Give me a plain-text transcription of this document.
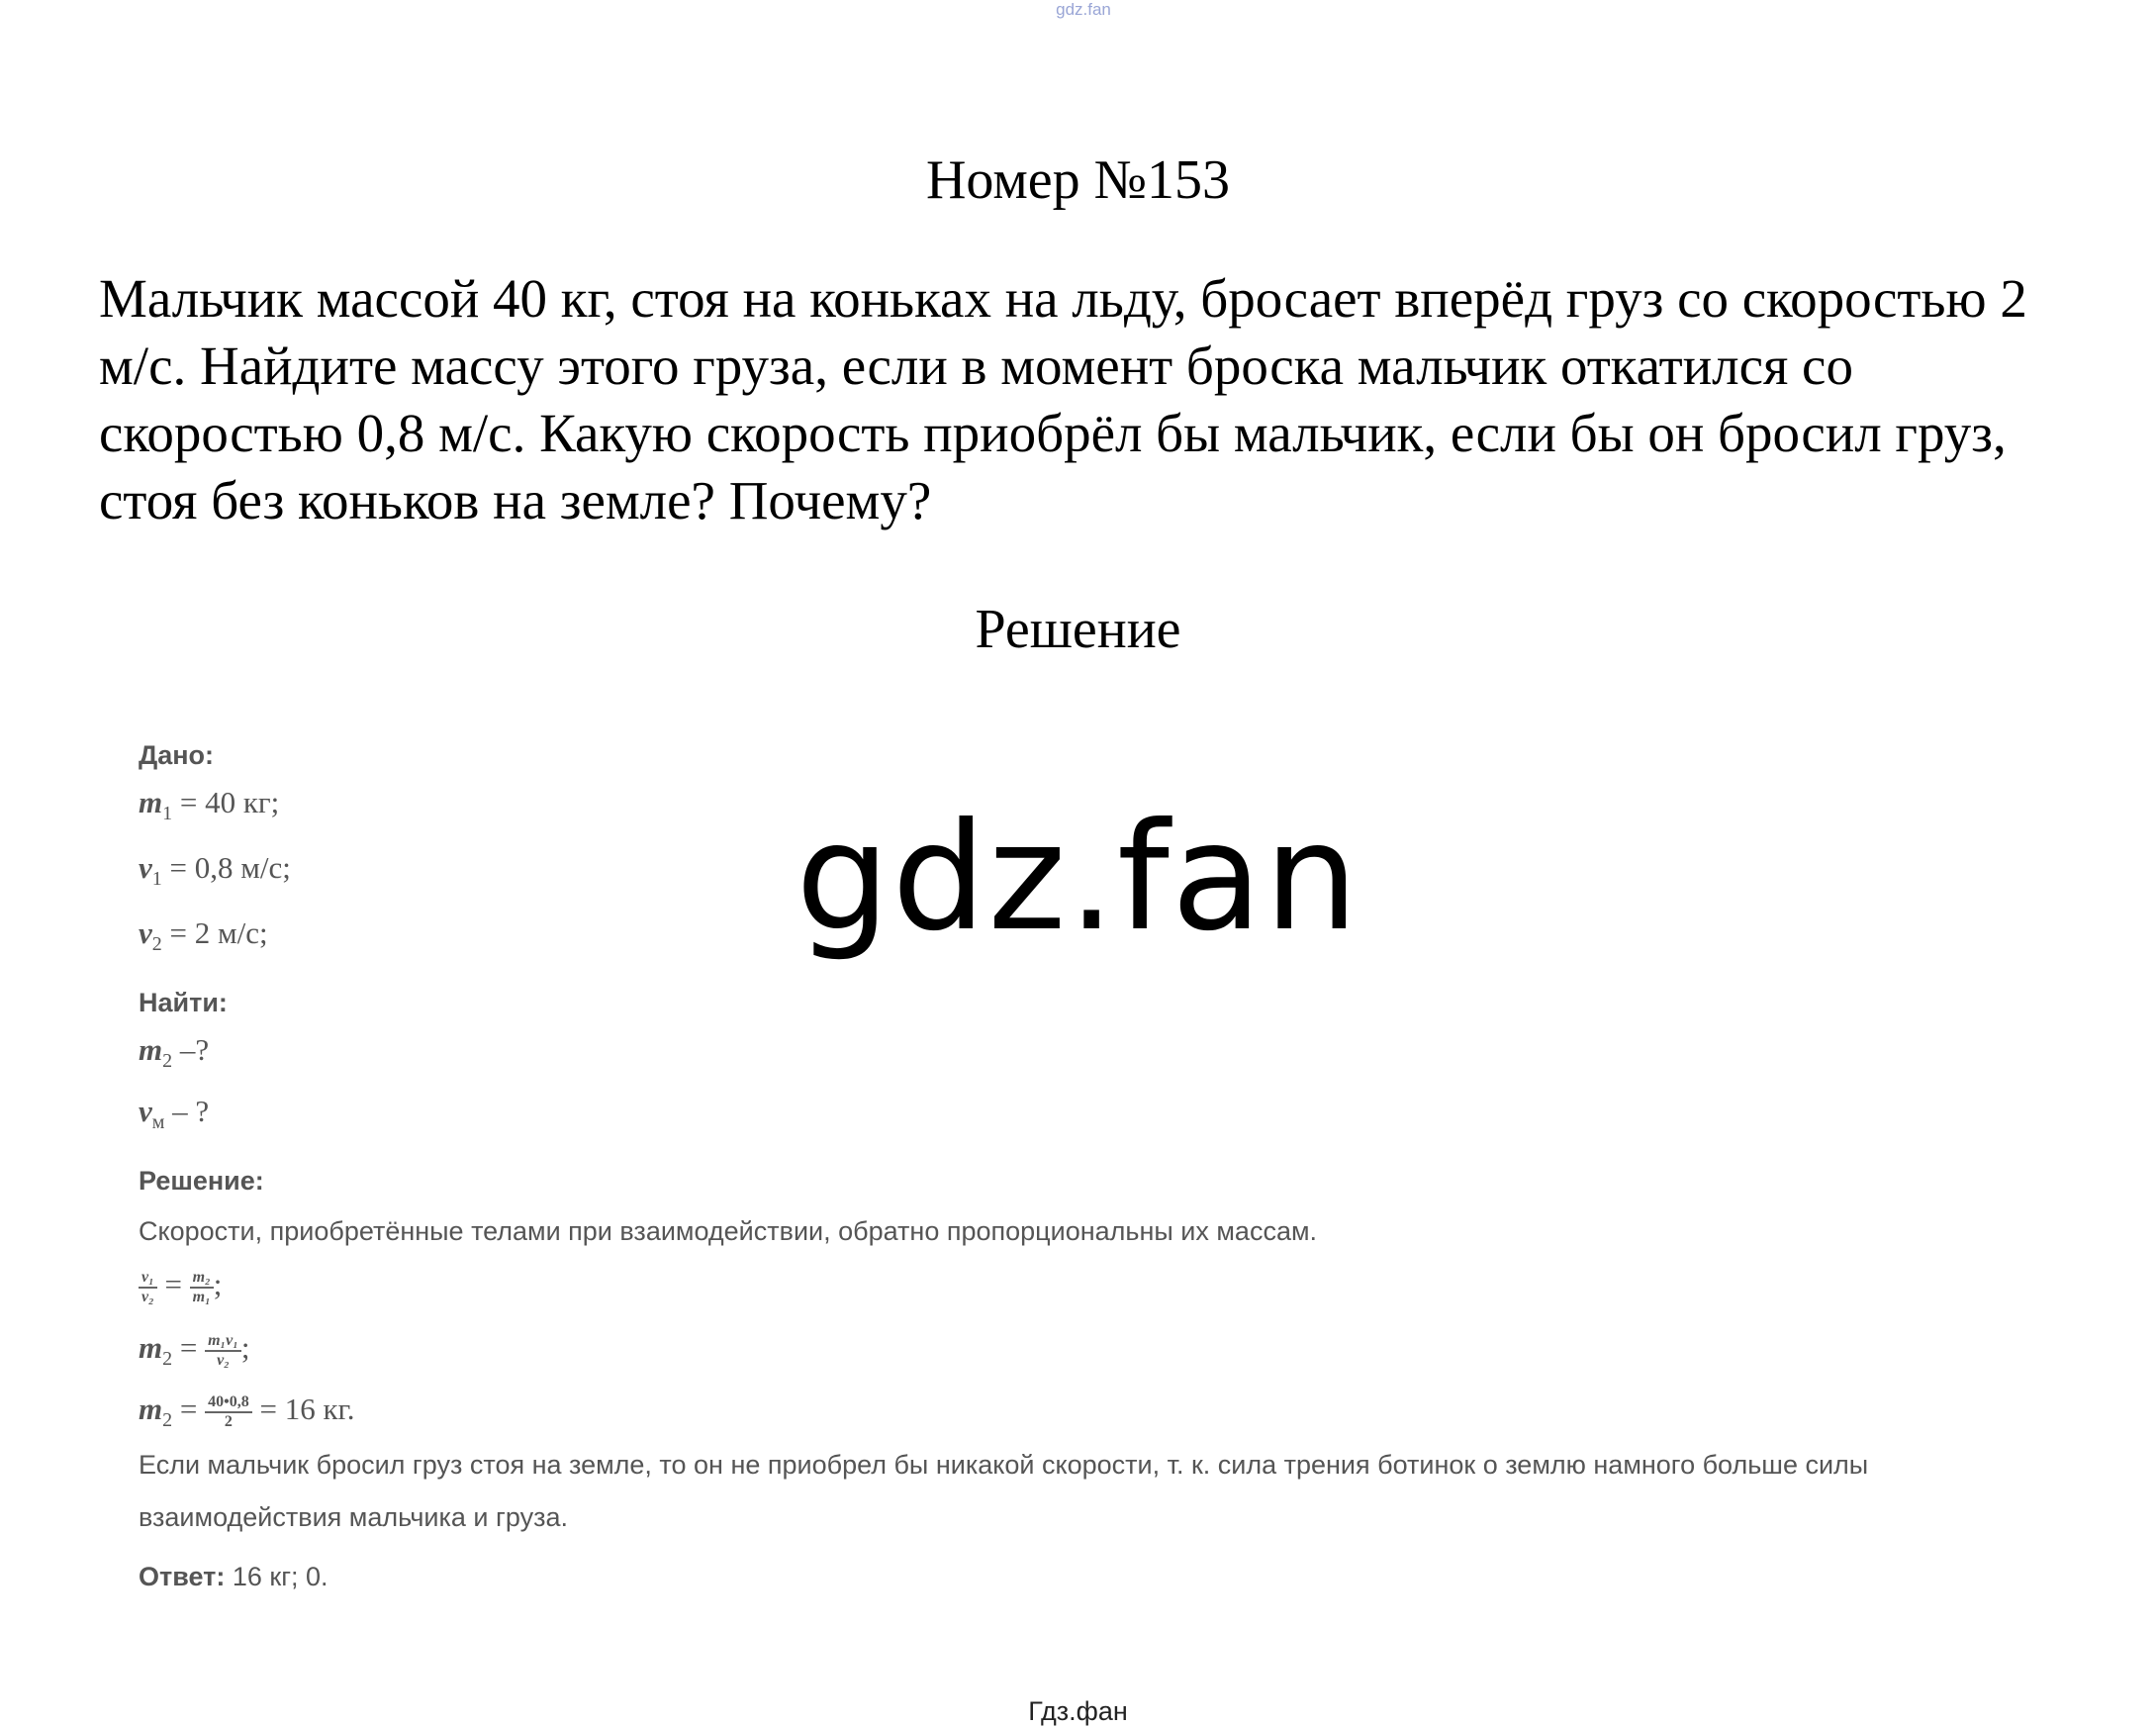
gdz.fan
Номер №153
Мальчик массой 40 кг, стоя на коньках на льду, бросает вперёд груз со скоростью 2 м/с. Найдите массу этого груза, если в момент броска мальчик откатился со скоростью 0,8 м/с. Какую скорость приобрёл бы мальчик, если бы он бросил груз, стоя без коньков на земле? Почему?
Решение
gdz.fan
Дано:
$m_1 = 40$ кг;
$v_1 = 0,8$ м/с;
$v_2 = 2$ м/с;
Найти:
$m_2$ –?
$v_м$ – ?
Решение:
Скорости, приобретённые телами при взаимодействии, обратно пропорциональны их массам.
$\frac{\text{v₁}}{\text{v₂}} = \frac{\text{m₂}}{\text{m₁}}$ ;
$m_2 = \frac{\text{m₁v₁}}{\text{v₂}}$ ;
$m_2 = \frac{40•0,8}{2} = 16$ кг.
Если мальчик бросил груз стоя на земле, то он не приобрел бы никакой скорости, т. к. сила трения ботинок о землю намного больше силы
взаимодействия мальчика и груза.
Ответ: 16 кг; 0.
Гдз.фан
